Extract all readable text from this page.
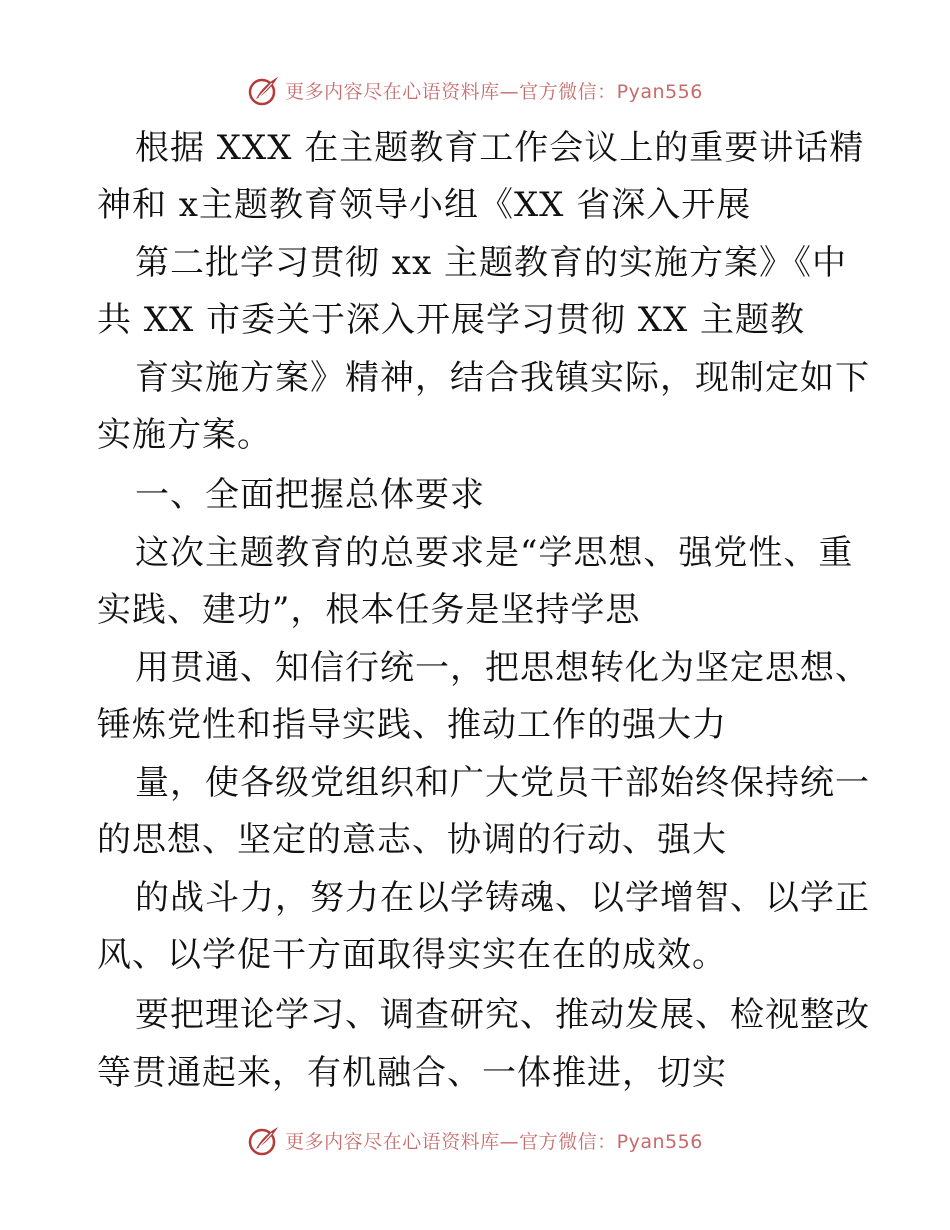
更多内容尽在心语资料库—官方微信：Pyan556
根据 XXX 在主题教育工作会议上的重要讲话精
神和 x主题教育领导小组《XX 省深入开展
第二批学习贯彻 xx 主题教育的实施方案》《中
共 XX 市委关于深入开展学习贯彻 XX 主题教
育实施方案》精神，结合我镇实际，现制定如下
实施方案。
一、全面把握总体要求
这次主题教育的总要求是“学思想、强党性、重
实践、建功”，根本任务是坚持学思
用贯通、知信行统一，把思想转化为坚定思想、
锤炼党性和指导实践、推动工作的强大力
量，使各级党组织和广大党员干部始终保持统一
的思想、坚定的意志、协调的行动、强大
的战斗力，努力在以学铸魂、以学增智、以学正
风、以学促干方面取得实实在在的成效。
要把理论学习、调查研究、推动发展、检视整改
等贯通起来，有机融合、一体推进，切实
更多内容尽在心语资料库—官方微信：Pyan556
